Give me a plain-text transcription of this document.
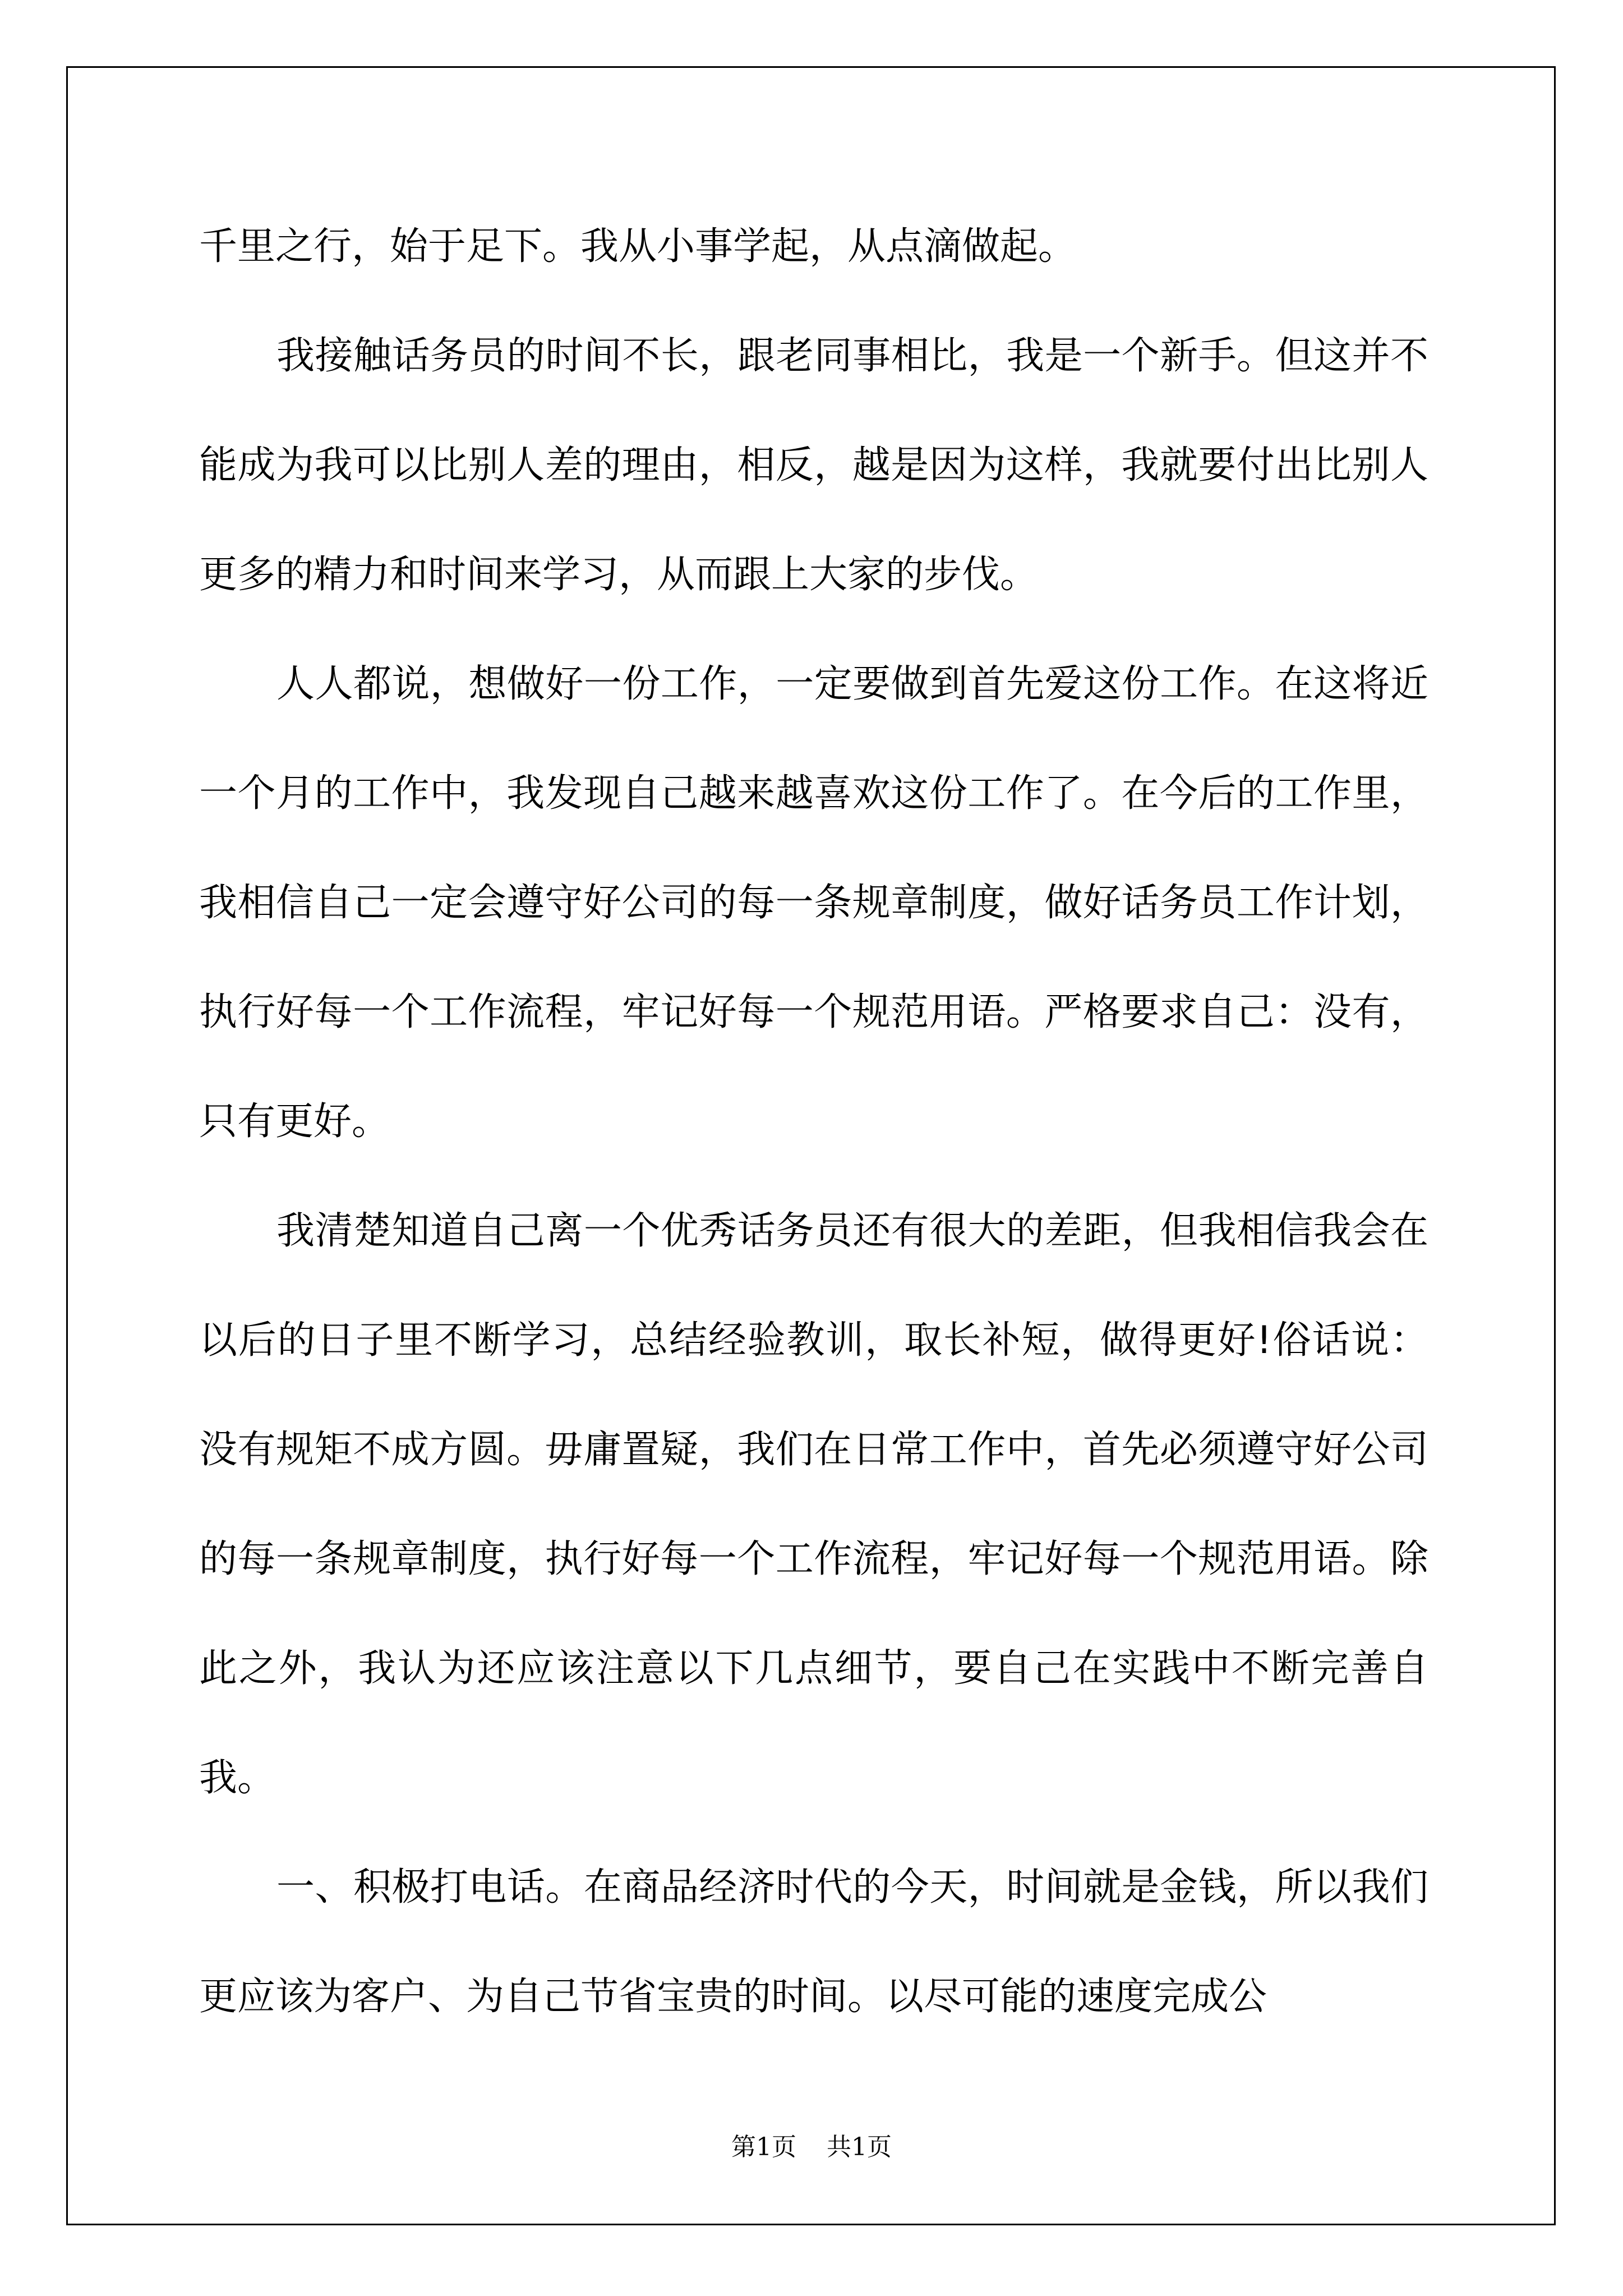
千里之行，始于足下。我从小事学起，从点滴做起。

我接触话务员的时间不长，跟老同事相比，我是一个新手。但这并不能成为我可以比别人差的理由，相反，越是因为这样，我就要付出比别人更多的精力和时间来学习，从而跟上大家的步伐。

人人都说，想做好一份工作，一定要做到首先爱这份工作。在这将近一个月的工作中，我发现自己越来越喜欢这份工作了。在今后的工作里，我相信自己一定会遵守好公司的每一条规章制度，做好话务员工作计划，执行好每一个工作流程，牢记好每一个规范用语。严格要求自己：没有，只有更好。

我清楚知道自己离一个优秀话务员还有很大的差距，但我相信我会在以后的日子里不断学习，总结经验教训，取长补短，做得更好!俗话说：没有规矩不成方圆。毋庸置疑，我们在日常工作中，首先必须遵守好公司的每一条规章制度，执行好每一个工作流程，牢记好每一个规范用语。除此之外，我认为还应该注意以下几点细节，要自己在实践中不断完善自我。

一、积极打电话。在商品经济时代的今天，时间就是金钱，所以我们更应该为客户、为自己节省宝贵的时间。以尽可能的速度完成公

第1页 共1页
